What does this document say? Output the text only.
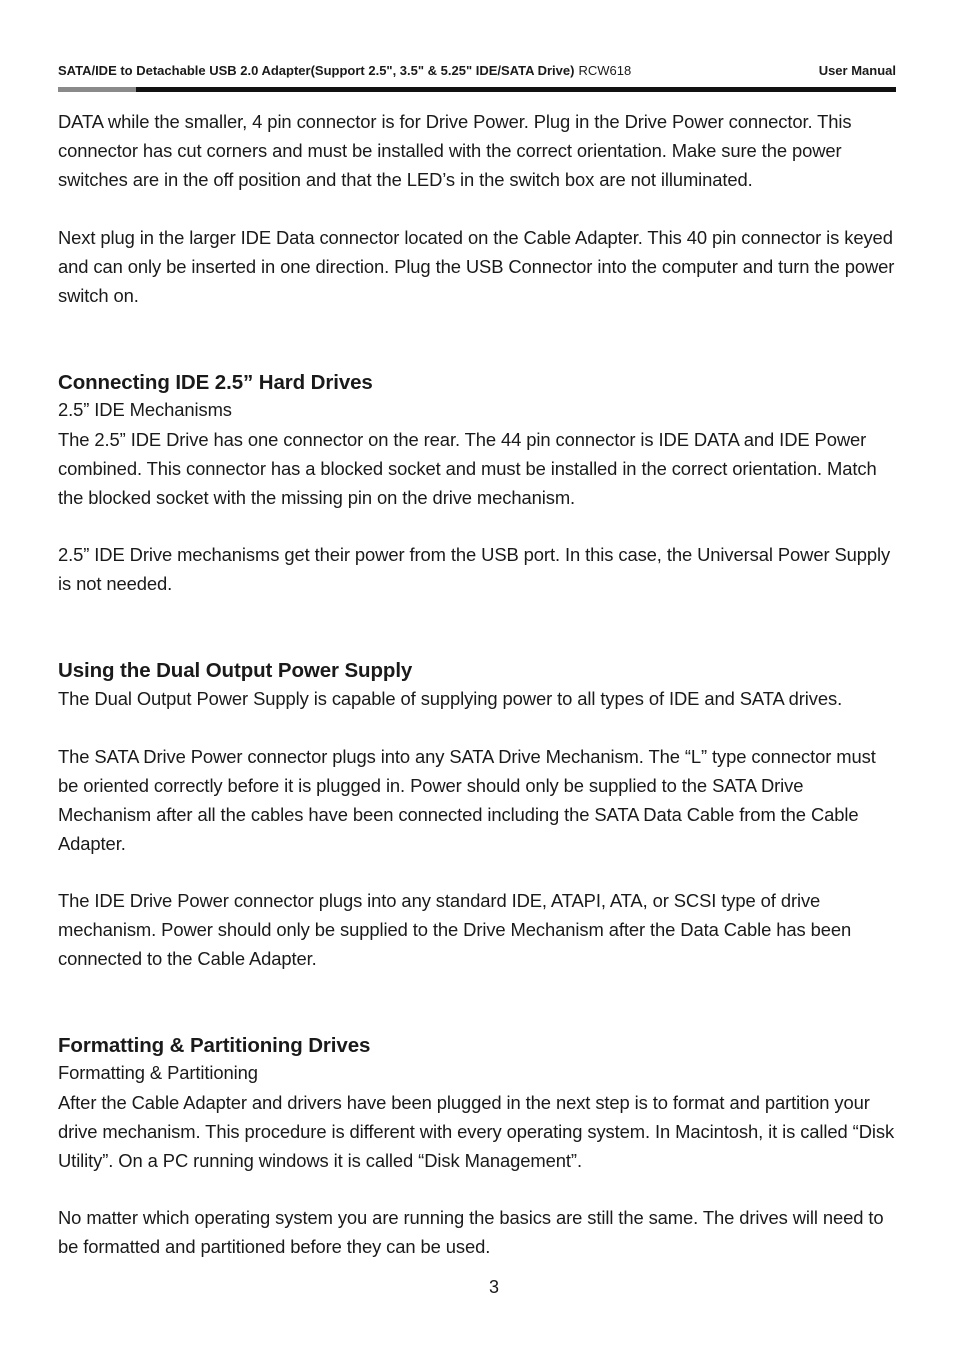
SATA/IDE to Detachable USB 2.0 Adapter(Support 2.5", 3.5" & 5.25" IDE/SATA Drive) RCW618	User Manual

DATA while the smaller, 4 pin connector is for Drive Power. Plug in the Drive Power connector. This connector has cut corners and must be installed with the correct orientation. Make sure the power switches are in the off position and that the LED’s in the switch box are not illuminated.

Next plug in the larger IDE Data connector located on the Cable Adapter. This 40 pin connector is keyed and can only be inserted in one direction. Plug the USB Connector into the computer and turn the power switch on.

Connecting IDE 2.5” Hard Drives
2.5” IDE Mechanisms

The 2.5” IDE Drive has one connector on the rear. The 44 pin connector is IDE DATA and IDE Power combined. This connector has a blocked socket and must be installed in the correct orientation. Match the blocked socket with the missing pin on the drive mechanism.

2.5” IDE Drive mechanisms get their power from the USB port. In this case, the Universal Power Supply is not needed.

Using the Dual Output Power Supply

The Dual Output Power Supply is capable of supplying power to all types of IDE and SATA drives.

The SATA Drive Power connector plugs into any SATA Drive Mechanism. The “L” type connector must be oriented correctly before it is plugged in. Power should only be supplied to the SATA Drive Mechanism after all the cables have been connected including the SATA Data Cable from the Cable Adapter.

The IDE Drive Power connector plugs into any standard IDE, ATAPI, ATA, or SCSI type of drive mechanism. Power should only be supplied to the Drive Mechanism after the Data Cable has been connected to the Cable Adapter.

Formatting & Partitioning Drives
Formatting & Partitioning

After the Cable Adapter and drivers have been plugged in the next step is to format and partition your drive mechanism. This procedure is different with every operating system. In Macintosh, it is called “Disk Utility”. On a PC running windows it is called “Disk Management”.

No matter which operating system you are running the basics are still the same. The drives will need to be formatted and partitioned before they can be used.

3
